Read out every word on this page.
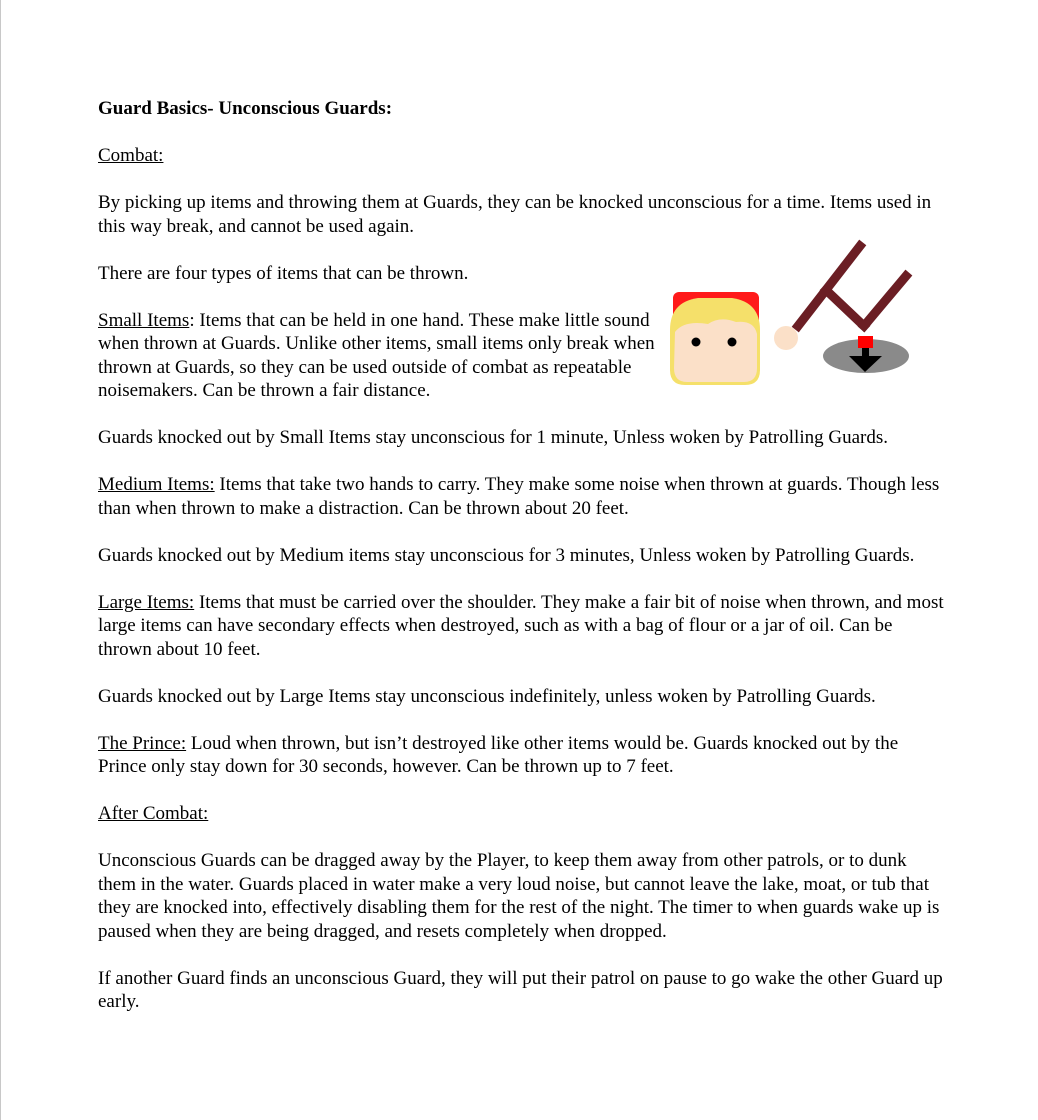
Guard Basics- Unconscious Guards:

Combat:

By picking up items and throwing them at Guards, they can be knocked unconscious for a time. Items used in this way break, and cannot be used again.

There are four types of items that can be thrown.

Small Items: Items that can be held in one hand. These make little sound when thrown at Guards. Unlike other items, small items only break when thrown at Guards, so they can be used outside of combat as repeatable noisemakers. Can be thrown a fair distance.

Guards knocked out by Small Items stay unconscious for 1 minute, Unless woken by Patrolling Guards.

Medium Items: Items that take two hands to carry. They make some noise when thrown at guards. Though less than when thrown to make a distraction. Can be thrown about 20 feet.

Guards knocked out by Medium items stay unconscious for 3 minutes, Unless woken by Patrolling Guards.

Large Items: Items that must be carried over the shoulder. They make a fair bit of noise when thrown, and most large items can have secondary effects when destroyed, such as with a bag of flour or a jar of oil. Can be thrown about 10 feet.

Guards knocked out by Large Items stay unconscious indefinitely, unless woken by Patrolling Guards.

The Prince: Loud when thrown, but isn’t destroyed like other items would be. Guards knocked out by the Prince only stay down for 30 seconds, however. Can be thrown up to 7 feet.

After Combat:

Unconscious Guards can be dragged away by the Player, to keep them away from other patrols, or to dunk them in the water. Guards placed in water make a very loud noise, but cannot leave the lake, moat, or tub that they are knocked into, effectively disabling them for the rest of the night. The timer to when guards wake up is paused when they are being dragged, and resets completely when dropped.

If another Guard finds an unconscious Guard, they will put their patrol on pause to go wake the other Guard up early.
